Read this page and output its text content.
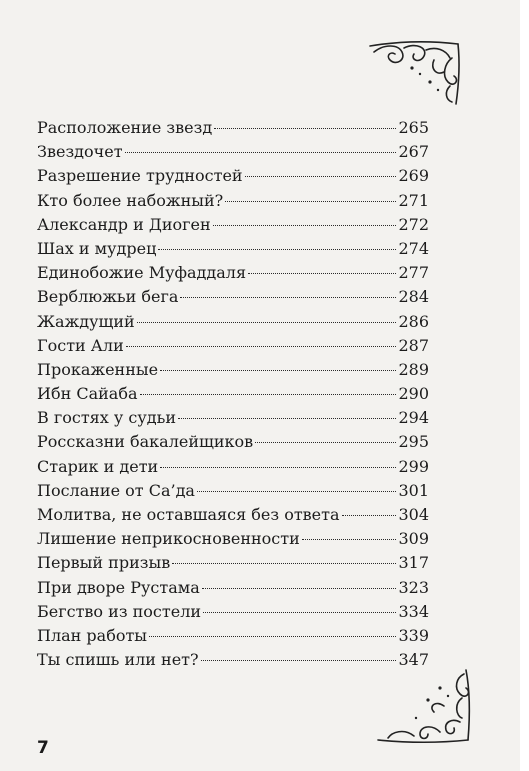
Расположение звезд	265
Звездочет	267
Разрешение трудностей	269
Кто более набожный?	271
Александр и Диоген	272
Шах и мудрец	274
Единобожие Муфаддаля	277
Верблюжьи бега	284
Жаждущий	286
Гости Али	287
Прокаженные	289
Ибн Сайаба	290
В гостях у судьи	294
Россказни бакалейщиков	295
Старик и дети	299
Послание от Са’да	301
Молитва, не оставшаяся без ответа	304
Лишение неприкосновенности	309
Первый призыв	317
При дворе Рустама	323
Бегство из постели	334
План работы	339
Ты спишь или нет?	347
7
